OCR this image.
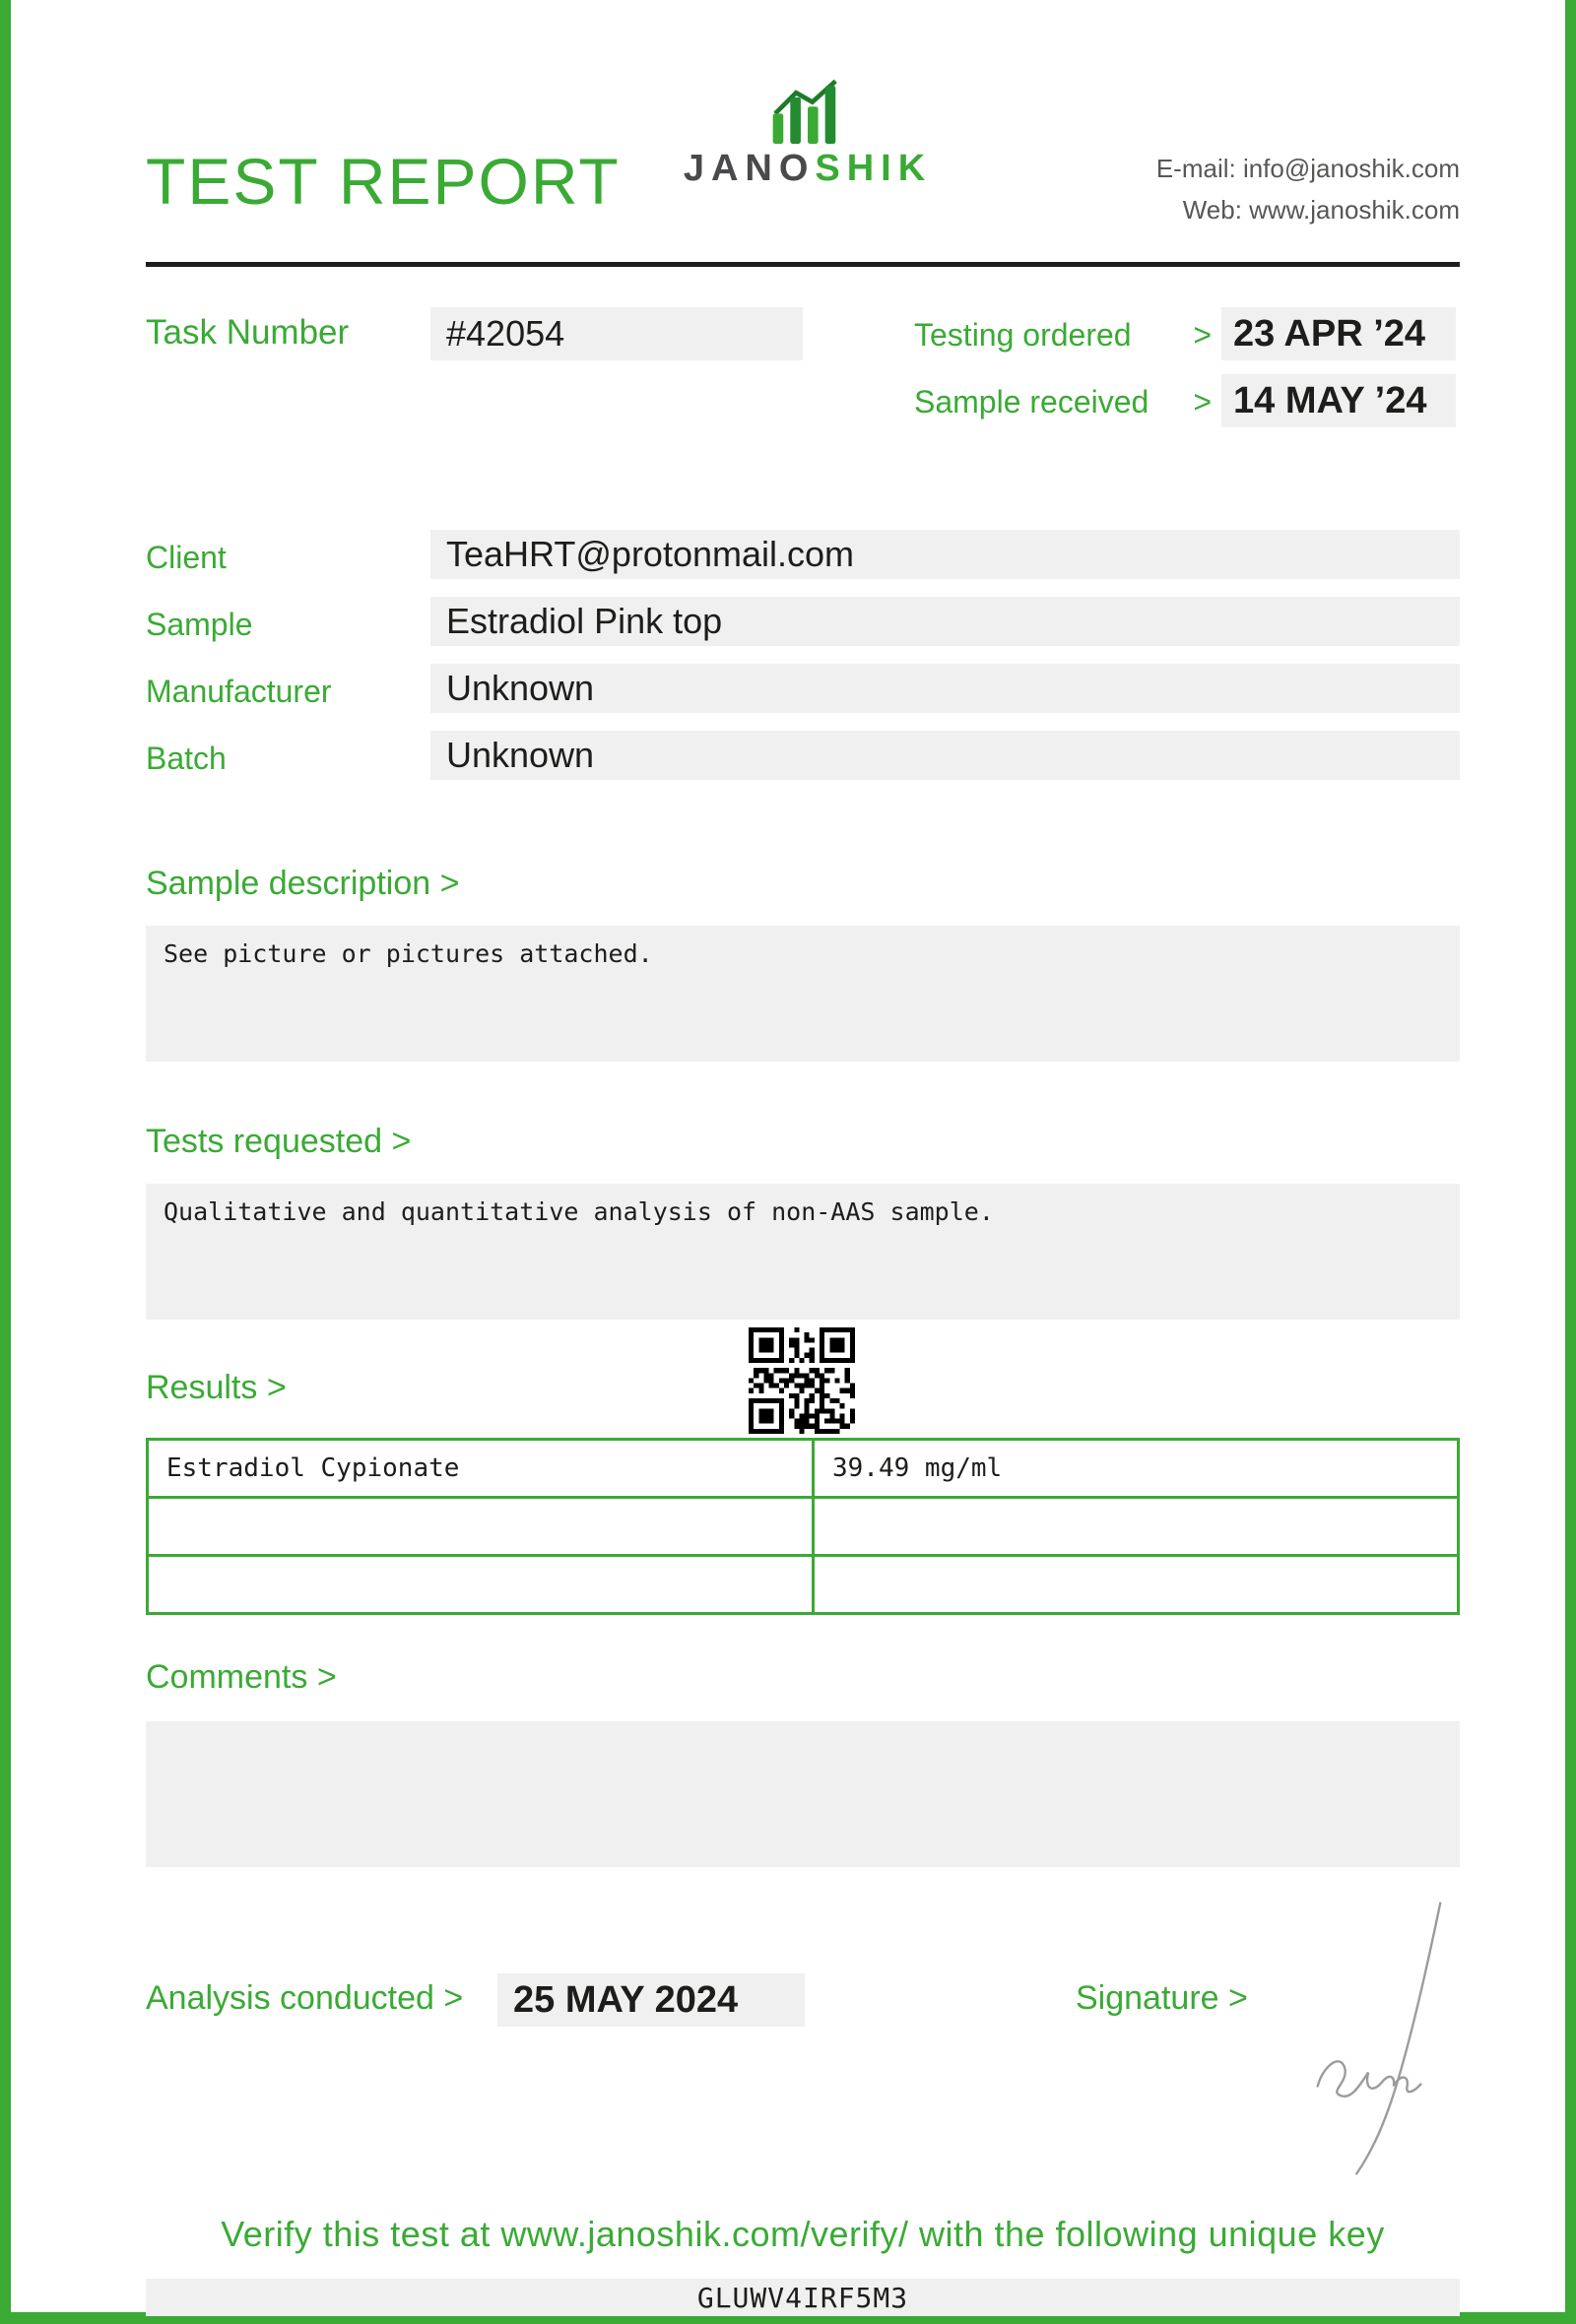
TEST REPORT	JANOSHIK	E-mail: info@janoshik.com
Web: www.janoshik.com
Task Number	#42054	Testing ordered > 23 APR ’24
Sample received > 14 MAY ’24
Client	TeaHRT@protonmail.com
Sample	Estradiol Pink top
Manufacturer	Unknown
Batch	Unknown
Sample description >
See picture or pictures attached.
Tests requested >
Qualitative and quantitative analysis of non-AAS sample.
Results >
Estradiol Cypionate	39.49 mg/ml

Comments >
Analysis conducted >	25 MAY 2024	Signature >
Verify this test at www.janoshik.com/verify/ with the following unique key
GLUWV4IRF5M3
